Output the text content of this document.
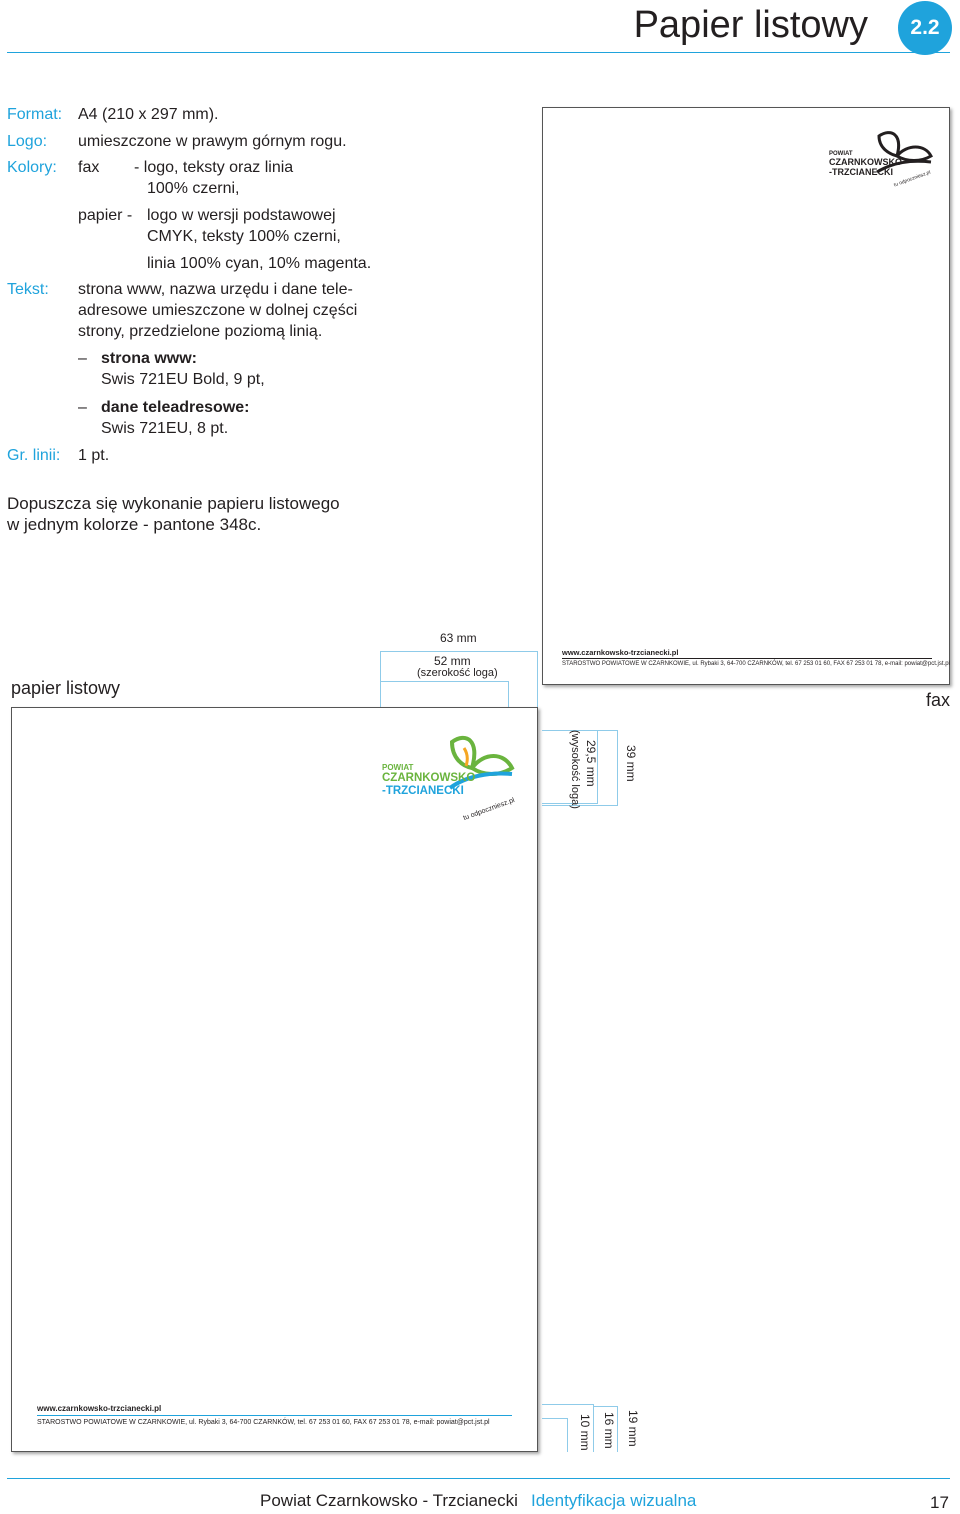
Papier listowy	2.2
Format: A4 (210 x 297 mm).
Logo: umieszczone w prawym górnym rogu.
Kolory: fax - logo, teksty oraz linia
100% czerni,
papier - logo w wersji podstawowej
CMYK, teksty 100% czerni,
linia 100% cyan, 10% magenta.
Tekst: strona www, nazwa urzędu i dane tele-
adresowe umieszczone w dolnej części
strony, przedzielone poziomą linią.
– strona www:
Swis 721EU Bold, 9 pt,
– dane teleadresowe:
Swis 721EU, 8 pt.
Gr. linii: 1 pt.
Dopuszcza się wykonanie papieru listowego
w jednym kolorze - pantone 348c.
POWIAT
CZARNKOWSKO
-TRZCIANECKI tu odpoczniesz.pl
www.czarnkowsko-trzcianecki.pl
STAROSTWO POWIATOWE W CZARNKOWIE, ul. Rybaki 3, 64-700 CZARNKÓW, tel. 67 253 01 60, FAX 67 253 01 78, e-mail: powiat@pct.jst.pl
papier listowy
fax
63 mm
52 mm
(szerokość loga)
POWIAT
CZARNKOWSKO
-TRZCIANECKI
tu odpoczniesz.pl
www.czarnkowsko-trzcianecki.pl
STAROSTWO POWIATOWE W CZARNKOWIE, ul. Rybaki 3, 64-700 CZARNKÓW, tel. 67 253 01 60, FAX 67 253 01 78, e-mail: powiat@pct.jst.pl
29,5 mm
(wysokość loga)	39 mm
10 mm 16 mm 19 mm
Powiat Czarnkowsko - Trzcianecki Identyfikacja wizualna	17
